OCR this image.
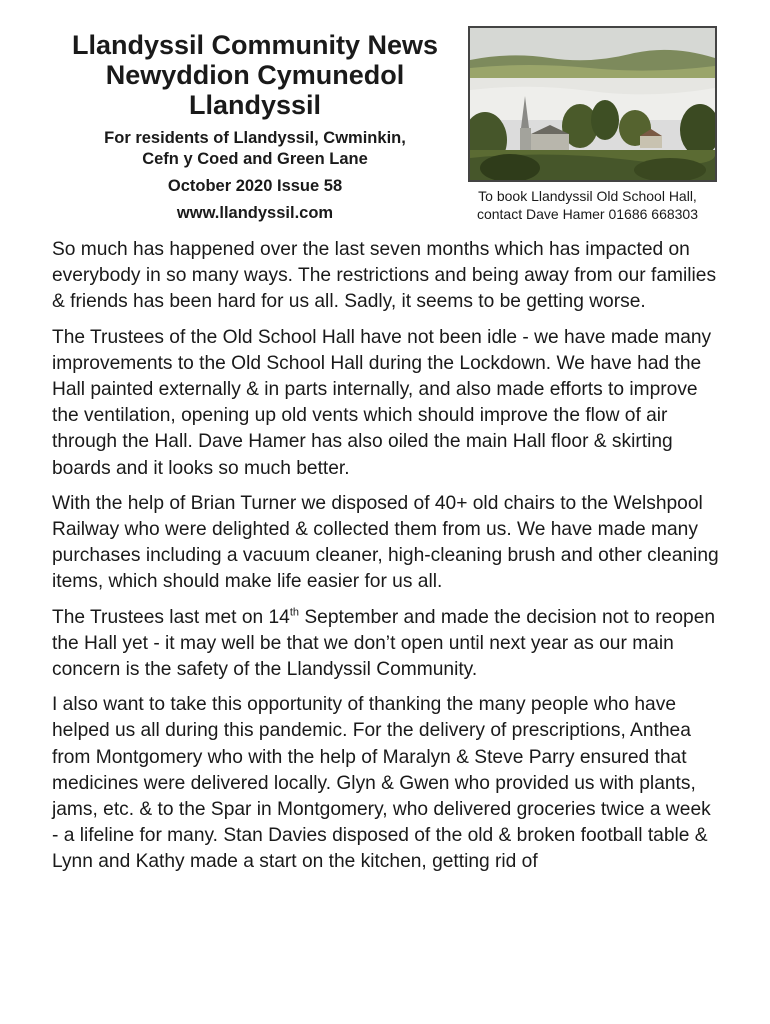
Llandyssil Community News
Newyddion Cymunedol
Llandyssil
For residents of Llandyssil, Cwminkin,
Cefn y Coed and Green Lane
October 2020 Issue 58
www.llandyssil.com
To book Llandyssil Old School Hall,
contact Dave Hamer 01686 668303

So much has happened over the last seven months which has impacted on everybody in so many ways. The restrictions and being away from our families & friends has been hard for us all. Sadly, it seems to be getting worse.

The Trustees of the Old School Hall have not been idle - we have made many improvements to the Old School Hall during the Lockdown. We have had the Hall painted externally & in parts internally, and also made efforts to improve the ventilation, opening up old vents which should improve the flow of air through the Hall. Dave Hamer has also oiled the main Hall floor & skirting boards and it looks so much better.

With the help of Brian Turner we disposed of 40+ old chairs to the Welshpool Railway who were delighted & collected them from us. We have made many purchases including a vacuum cleaner, high-cleaning brush and other cleaning items, which should make life easier for us all.

The Trustees last met on 14th September and made the decision not to reopen the Hall yet - it may well be that we don’t open until next year as our main concern is the safety of the Llandyssil Community.

I also want to take this opportunity of thanking the many people who have helped us all during this pandemic. For the delivery of prescriptions, Anthea from Montgomery who with the help of Maralyn & Steve Parry ensured that medicines were delivered locally. Glyn & Gwen who provided us with plants, jams, etc. & to the Spar in Montgomery, who delivered groceries twice a week - a lifeline for many. Stan Davies disposed of the old & broken football table & Lynn and Kathy made a start on the kitchen, getting rid of
